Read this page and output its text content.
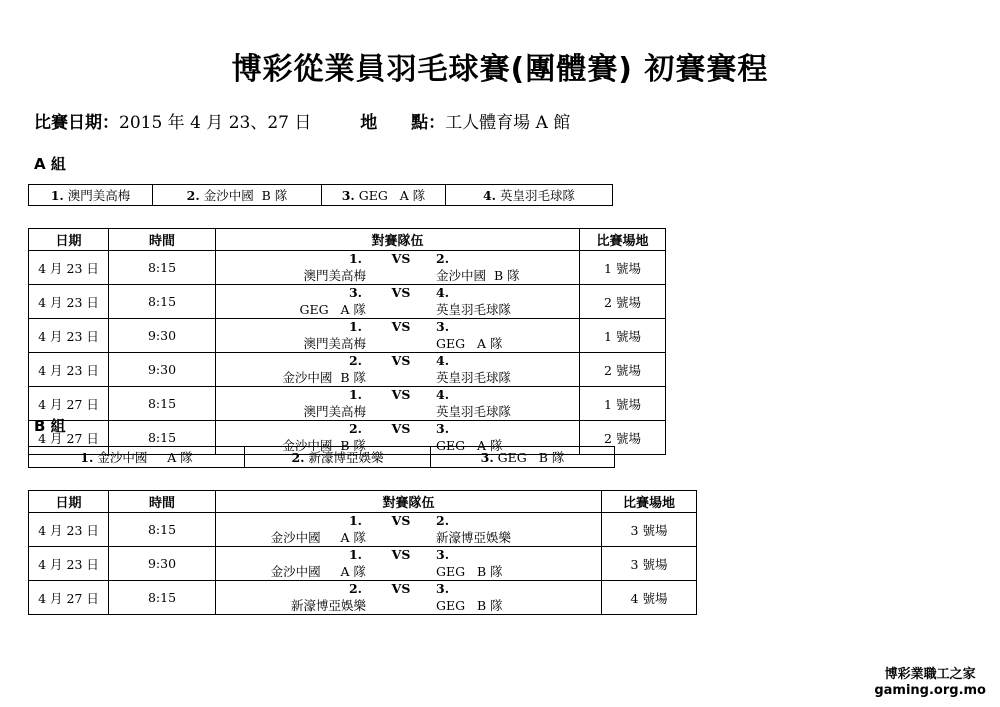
博彩從業員羽毛球賽(團體賽) 初賽賽程
比賽日期：2015 年 4 月 23、27 日	地　　點：工人體育場 A 館
A 組
1. 澳門美高梅	2. 金沙中國  B 隊	3. GEG   A 隊	4. 英皇羽毛球隊
日期	時間	對賽隊伍	比賽場地
4 月 23 日	8:15	1.
澳門美高梅
VS 2.
金沙中國  B 隊	1 號場
4 月 23 日	8:15	3.
GEG   A 隊
VS 4.
英皇羽毛球隊	2 號場
4 月 23 日	9:30	1.
澳門美高梅
VS 3.
GEG   A 隊	1 號場
4 月 23 日	9:30	2.
金沙中國  B 隊
VS 4.
英皇羽毛球隊	2 號場
4 月 27 日	8:15	1.
澳門美高梅
VS 4.
英皇羽毛球隊	1 號場
4 月 27 日	8:15	2.
金沙中國  B 隊
VS 3.
GEG   A 隊	2 號場
B 組
1. 金沙中國     A 隊	2. 新濠博亞娛樂	3. GEG   B 隊
日期	時間	對賽隊伍	比賽場地
4 月 23 日	8:15	1.
金沙中國     A 隊
VS 2.
新濠博亞娛樂	3 號場
4 月 23 日	9:30	1.
金沙中國     A 隊
VS 3.
GEG   B 隊	3 號場
4 月 27 日	8:15	2.
新濠博亞娛樂
VS 3.
GEG   B 隊	4 號場
博彩業職工之家
gaming.org.mo
